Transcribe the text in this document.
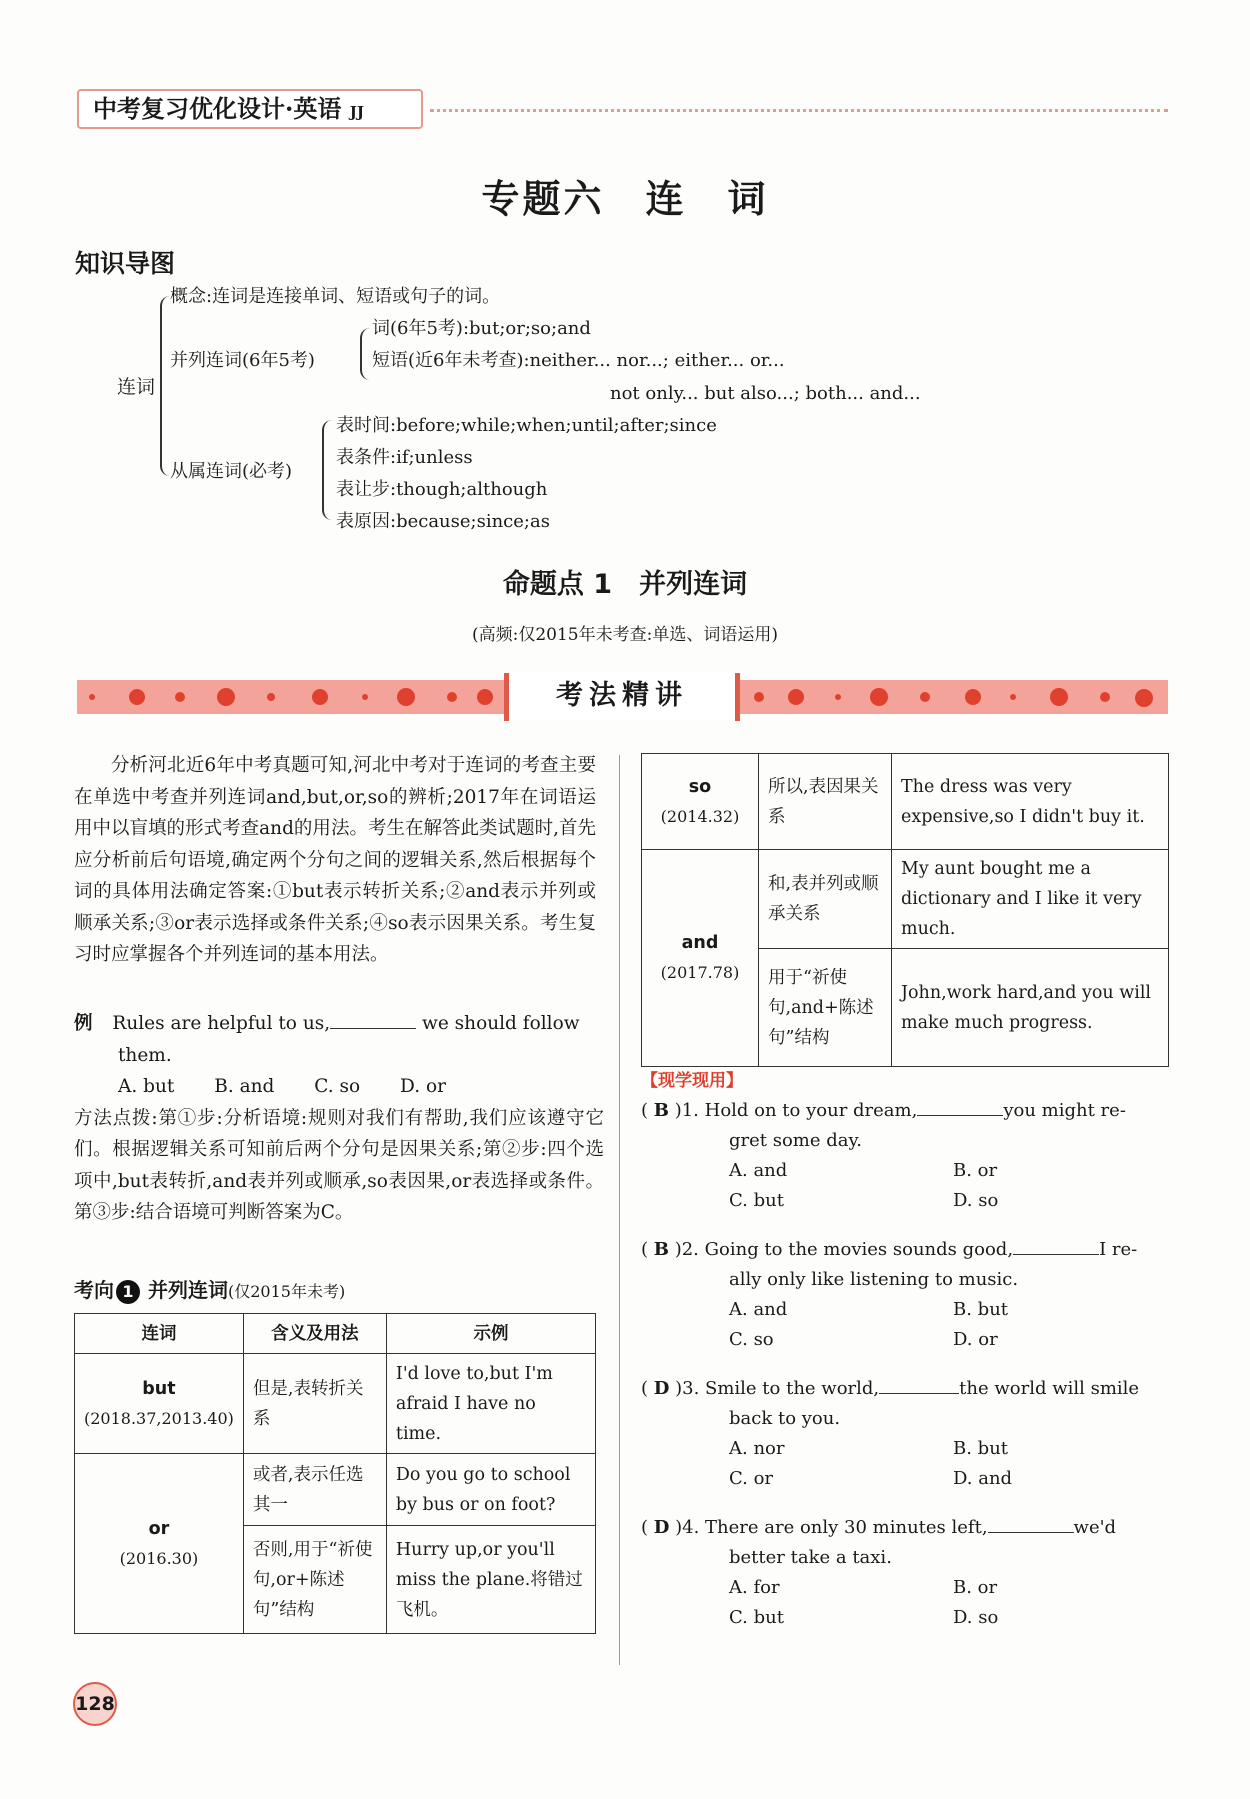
中考复习优化设计·英语 JJ
专题六　连　词
知识导图
连词
概念:连词是连接单词、短语或句子的词。
并列连词(6年5考)
词(6年5考):but;or;so;and
短语(近6年未考查):neither... nor...; either... or...
not only... but also...; both... and...
从属连词(必考)
表时间:before;while;when;until;after;since
表条件:if;unless
表让步:though;although
表原因:because;since;as
命题点 1　并列连词
(高频:仅2015年未考查:单选、词语运用)
考法精讲

分析河北近6年中考真题可知,河北中考对于连词的考查主要在单选中考查并列连词and,but,or,so的辨析;2017年在词语运用中以盲填的形式考查and的用法。考生在解答此类试题时,首先应分析前后句语境,确定两个分句之间的逻辑关系,然后根据每个词的具体用法确定答案:①but表示转折关系;②and表示并列或顺承关系;③or表示选择或条件关系;④so表示因果关系。考生复习时应掌握各个并列连词的基本用法。

例 Rules are helpful to us,	we should follow
them.
A. but B. and C. so D. or
方法点拨:第①步:分析语境:规则对我们有帮助,我们应该遵守它们。根据逻辑关系可知前后两个分句是因果关系;第②步:四个选项中,but表转折,and表并列或顺承,so表因果,or表选择或条件。第③步:结合语境可判断答案为C。
考向 1 并列连词(仅2015年未考)
连词	含义及用法	示例
but
(2018.37,2013.40)	但是,表转折关系	I'd love to,but I'm afraid I have no time.
or
(2016.30)	或者,表示任选其一	Do you go to school by bus or on foot?
	否则,用于“祈使句,or+陈述句”结构	Hurry up,or you'll miss the plane.将错过飞机。
so
(2014.32)	所以,表因果关系	The dress was very expensive,so I didn't buy it.
and
(2017.78)	和,表并列或顺承关系	My aunt bought me a dictionary and I like it very much.
	用于“祈使句,and+陈述句”结构	John,work hard,and you will make much progress.
【现学现用】
( B )1. Hold on to your dream,	you might re-
gret some day.
A. and	B. or
C. but	D. so
( B )2. Going to the movies sounds good,	I re-
ally only like listening to music.
A. and	B. but
C. so	D. or
( D )3. Smile to the world,	the world will smile
back to you.
A. nor	B. but
C. or	D. and
( D )4. There are only 30 minutes left,	we'd
better take a taxi.
A. for	B. or
C. but	D. so
128
